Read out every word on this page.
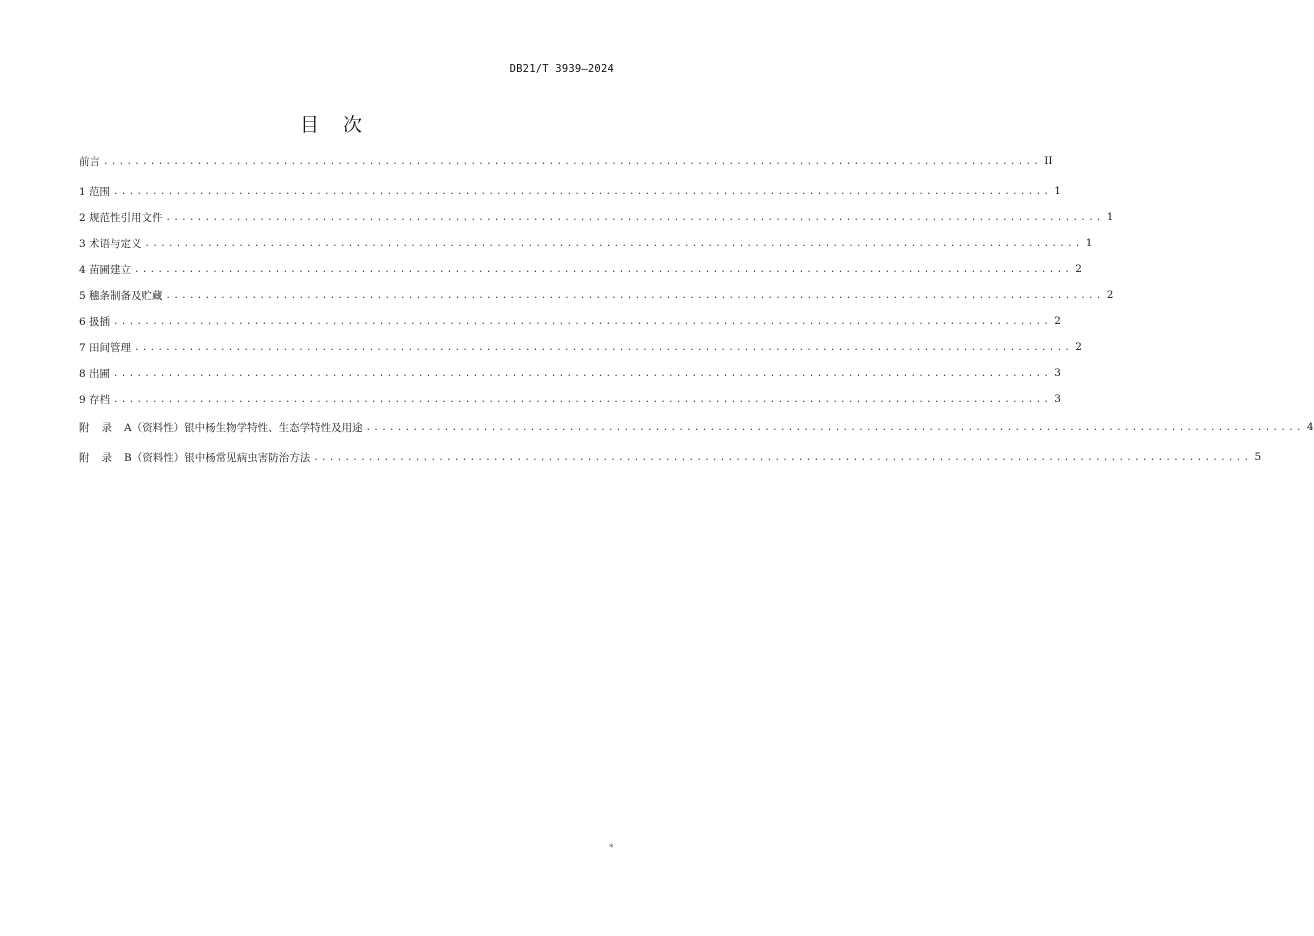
DB21/T 3939—2024
目次
前言 ........................................................................................................................ II
1 范围 ........................................................................................................................ 1
2 规范性引用文件 ........................................................................................................................ 1
3 术语与定义 ........................................................................................................................ 1
4 苗圃建立 ........................................................................................................................ 2
5 穗条制备及贮藏 ........................................................................................................................ 2
6 扱插 ........................................................................................................................ 2
7 田间管理 ........................................................................................................................ 2
8 出圃 ........................................................................................................................ 3
9 存档 ........................................................................................................................ 3
附录A（资料性）银中杨生物学特性、生态学特性及用途 ........................................................................................................................ 4
附录B（资料性）银中杨常见病虫害防治方法 ........................................................................................................................ 5
*
